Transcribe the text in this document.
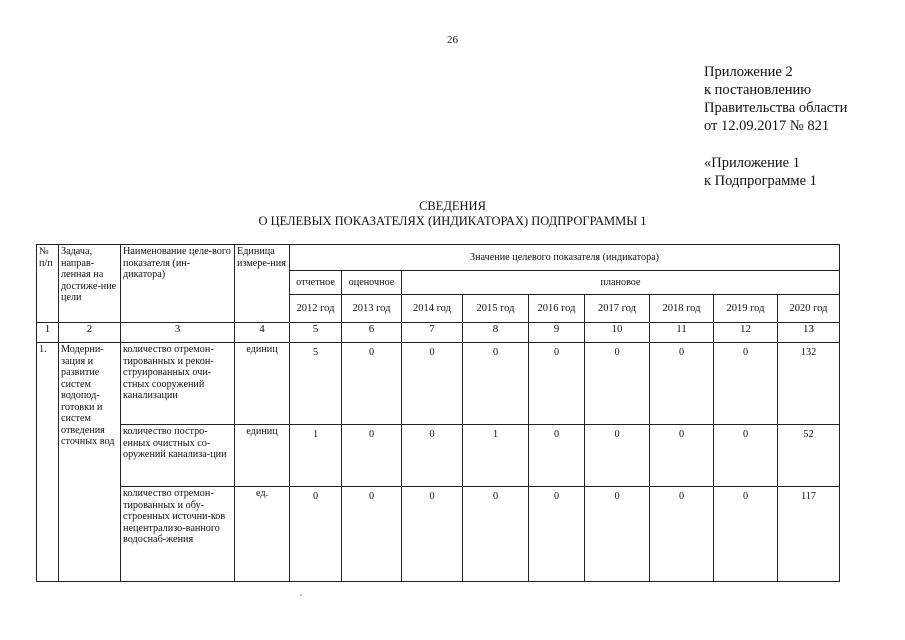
26
Приложение 2
к постановлению
Правительства области
от 12.09.2017 № 821
«Приложение 1
к Подпрограмме 1
СВЕДЕНИЯ
О ЦЕЛЕВЫХ ПОКАЗАТЕЛЯХ (ИНДИКАТОРАХ) ПОДПРОГРАММЫ 1
№ п/п	Задача, направ-ленная на достиже-ние цели	Наименование целе-вого показателя (ин-дикатора)	Единица измере-ния	Значение целевого показателя (индикатора)								
				отчетное	оценочное	плановое						
				2012 год	2013 год	2014 год	2015 год	2016 год	2017 год	2018 год	2019 год	2020 год
1	2	3	4	5	6	7	8	9	10	11	12	13
1.	Модерни-зация и развитие систем водопод-готовки и систем отведения сточных вод	количество отремон-тированных и рекон-струированных очи-стных сооружений канализации	единиц	5	0	0	0	0	0	0	0	132
		количество постро-енных очистных со-оружений канализа-ции	единиц	1	0	0	1	0	0	0	0	52
		количество отремон-тированных и обу-строенных источни-ков нецентрализо-ванного водоснаб-жения	ед.	0	0	0	0	0	0	0	0	117
